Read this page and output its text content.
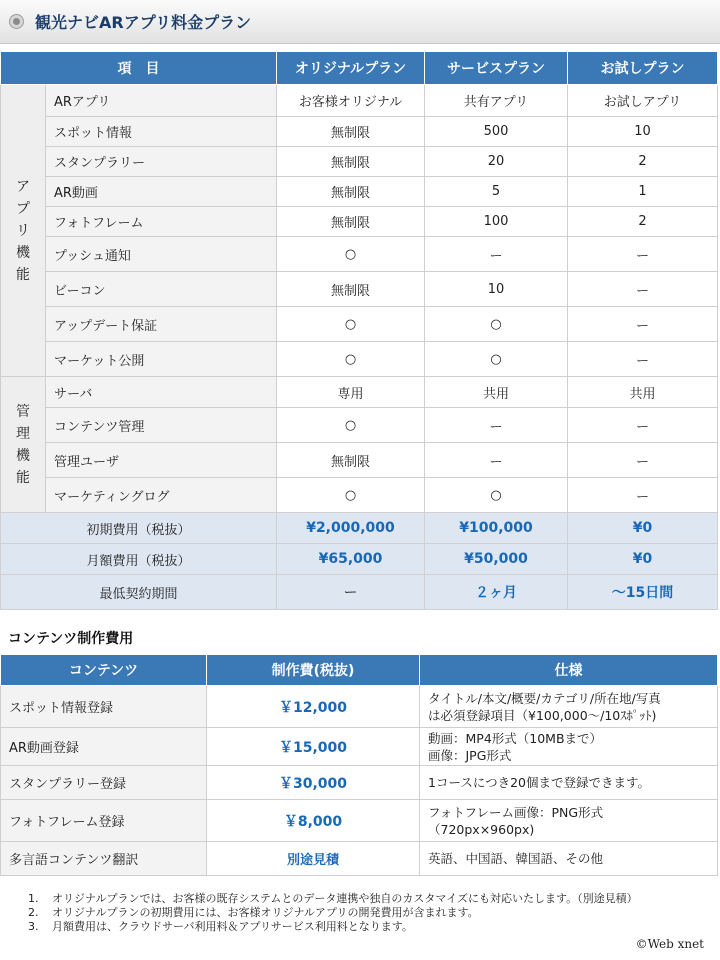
観光ナビARアプリ料金プラン
項　目		オリジナルプラン	サービスプラン	お試しプラン

ア
プ
リ
機
能	ARアプリ	お客様オリジナル	共有アプリ	お試しアプリ
	スポット情報	無制限	500	10
	スタンプラリー	無制限	20	2
	AR動画	無制限	5	1
	フォトフレーム	無制限	100	2
	プッシュ通知	○	ー	ー
	ビーコン	無制限	10	ー
	アップデート保証	○	○	ー
	マーケット公開	○	○	ー

管
理
機
能	サーバ	専用	共用	共用
	コンテンツ管理	○	ー	ー
	管理ユーザ	無制限	ー	ー
	マーケティングログ	○	○	ー
初期費用（税抜）		¥2,000,000	¥100,000	¥0
月額費用（税抜）		¥65,000	¥50,000	¥0
最低契約期間		ー	２ヶ月	〜15日間
コンテンツ制作費用
コンテンツ	制作費(税抜)	仕様
スポット情報登録	￥12,000	タイトル/本文/概要/カテゴリ/所在地/写真
は必須登録項目（¥100,000〜/10ｽﾎﾟｯﾄ)

AR動画登録	￥15,000	動画：MP4形式（10MBまで）
画像：JPG形式

スタンプラリー登録	￥30,000	1コースにつき20個まで登録できます。

フォトフレーム登録	￥8,000	フォトフレーム画像：PNG形式
（720px×960px)

多言語コンテンツ翻訳	別途見積	英語、中国語、韓国語、その他
1.	オリジナルプランでは、お客様の既存システムとのデータ連携や独自のカスタマイズにも対応いたします。（別途見積）
2.	オリジナルプランの初期費用には、お客様オリジナルアプリの開発費用が含まれます。
3.	月額費用は、クラウドサーバ利用料＆アプリサービス利用料となります。
©Web xnet
